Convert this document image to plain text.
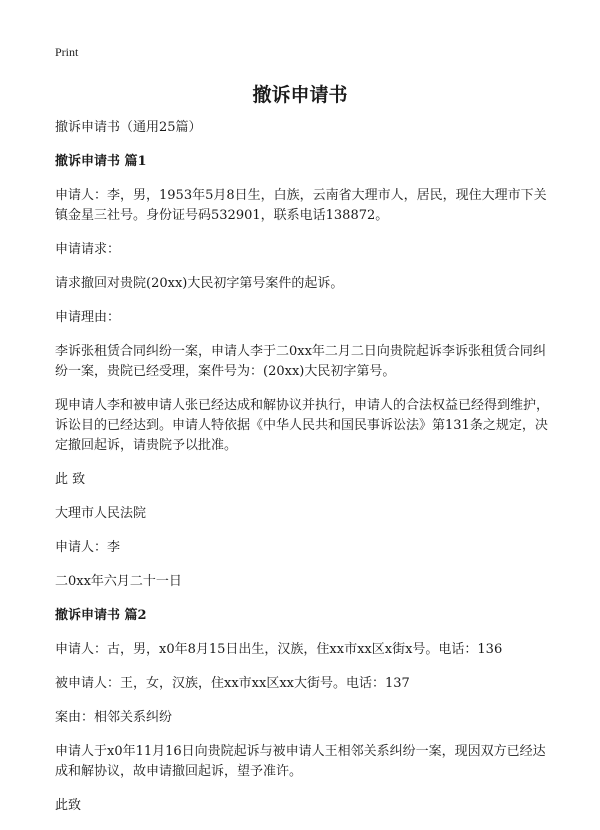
Print
撤诉申请书

撤诉申请书（通用25篇）

撤诉申请书 篇1

申请人：李，男，1953年5月8日生，白族，云南省大理市人，居民，现住大理市下关镇金星三社号。身份证号码532901，联系电话138872。

申请请求：

请求撤回对贵院(20xx)大民初字第号案件的起诉。

申请理由：

李诉张租赁合同纠纷一案，申请人李于二0xx年二月二日向贵院起诉李诉张租赁合同纠纷一案，贵院已经受理，案件号为：(20xx)大民初字第号。

现申请人李和被申请人张已经达成和解协议并执行，申请人的合法权益已经得到维护，诉讼目的已经达到。申请人特依据《中华人民共和国民事诉讼法》第131条之规定，决定撤回起诉，请贵院予以批准。

此 致

大理市人民法院

申请人：李

二0xx年六月二十一日

撤诉申请书 篇2

申请人：古，男，x0年8月15日出生，汉族，住xx市xx区x街x号。电话：136

被申请人：王，女，汉族，住xx市xx区xx大街号。电话：137

案由：相邻关系纠纷

申请人于x0年11月16日向贵院起诉与被申请人王相邻关系纠纷一案，现因双方已经达成和解协议，故申请撤回起诉，望予准许。

此致
